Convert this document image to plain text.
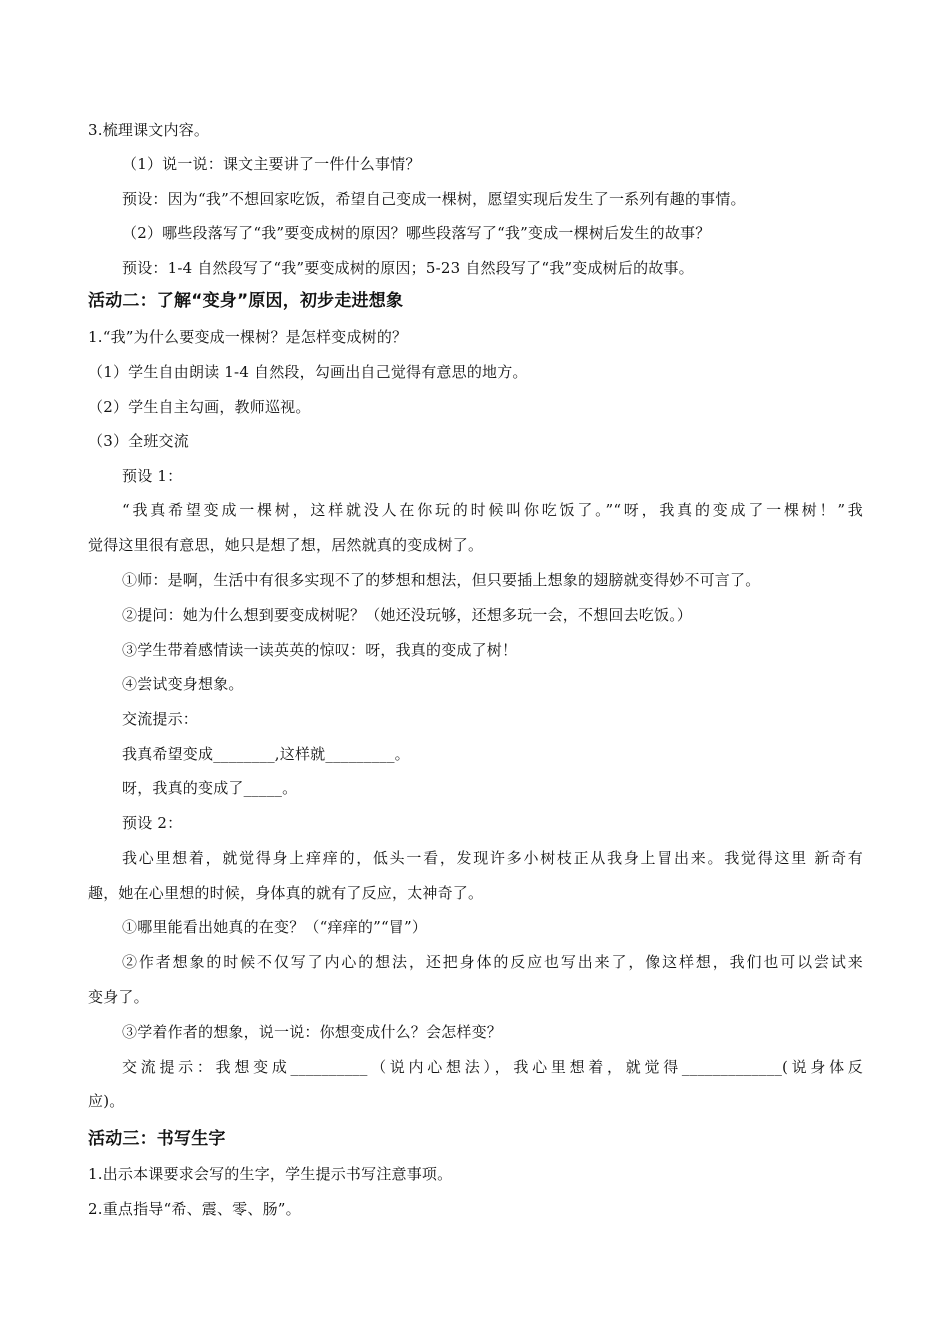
3.梳理课文内容。
（1）说一说：课文主要讲了一件什么事情？
预设：因为“我”不想回家吃饭，希望自己变成一棵树，愿望实现后发生了一系列有趣的事情。
（2）哪些段落写了“我”要变成树的原因？哪些段落写了“我”变成一棵树后发生的故事？
预设：1-4 自然段写了“我”要变成树的原因；5-23 自然段写了“我”变成树后的故事。
活动二：了解“变身”原因，初步走进想象
1.“我”为什么要变成一棵树？是怎样变成树的？
（1）学生自由朗读 1-4 自然段，勾画出自己觉得有意思的地方。
（2）学生自主勾画，教师巡视。
（3）全班交流
预设 1：
“我真希望变成一棵树，这样就没人在你玩的时候叫你吃饭了。”“呀，我真的变成了一棵树！”我
觉得这里很有意思，她只是想了想，居然就真的变成树了。
①师：是啊，生活中有很多实现不了的梦想和想法，但只要插上想象的翅膀就变得妙不可言了。
②提问：她为什么想到要变成树呢？（她还没玩够，还想多玩一会，不想回去吃饭。）
③学生带着感情读一读英英的惊叹：呀，我真的变成了树！
④尝试变身想象。
交流提示：
我真希望变成________,这样就_________。
呀，我真的变成了_____。
预设 2：
我心里想着，就觉得身上痒痒的，低头一看，发现许多小树枝正从我身上冒出来。我觉得这里 新奇有
趣，她在心里想的时候，身体真的就有了反应，太神奇了。
①哪里能看出她真的在变？（“痒痒的”“冒”）
②作者想象的时候不仅写了内心的想法，还把身体的反应也写出来了，像这样想，我们也可以尝试来
变身了。
③学着作者的想象，说一说：你想变成什么？会怎样变？
交流提示：我想变成__________（说内心想法），我心里想着，就觉得_____________(说身体反
应)。
活动三：书写生字
1.出示本课要求会写的生字，学生提示书写注意事项。
2.重点指导“希、震、零、肠”。
